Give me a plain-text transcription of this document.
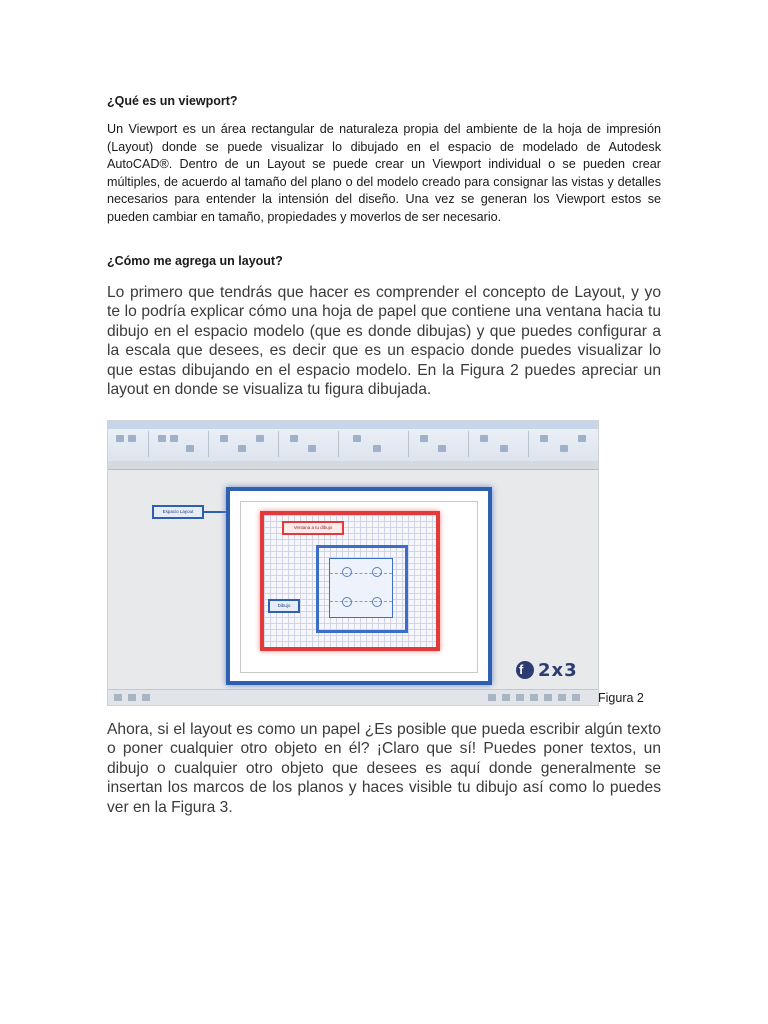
¿Qué es un viewport?

Un Viewport es un área rectangular de naturaleza propia del ambiente de la hoja de impresión (Layout) donde se puede visualizar lo dibujado en el espacio de modelado de Autodesk AutoCAD®. Dentro de un Layout se puede crear un Viewport individual o se pueden crear múltiples, de acuerdo al tamaño del plano o del modelo creado para consignar las vistas y detalles necesarios para entender la intensión del diseño. Una vez se generan los Viewport estos se pueden cambiar en tamaño, propiedades y moverlos de ser necesario.

¿Cómo me agrega un layout?

Lo primero que tendrás que hacer es comprender el concepto de Layout, y yo te lo podría explicar cómo una hoja de papel que contiene una ventana hacia tu dibujo en el espacio modelo (que es donde dibujas) y que puedes configurar a la escala que desees, es decir que es un espacio donde puedes visualizar lo que estas dibujando en el espacio modelo. En la Figura 2 puedes apreciar un layout en donde se visualiza tu figura dibujada.

Espacio Layout
Ventana a tu dibujo
Dibujo
f 2x3
Figura 2

Ahora, si el layout es como un papel ¿Es posible que pueda escribir algún texto o poner cualquier otro objeto en él? ¡Claro que sí! Puedes poner textos, un dibujo o cualquier otro objeto que desees es aquí donde generalmente se insertan los marcos de los planos y haces visible tu dibujo así como lo puedes ver en la Figura 3.
